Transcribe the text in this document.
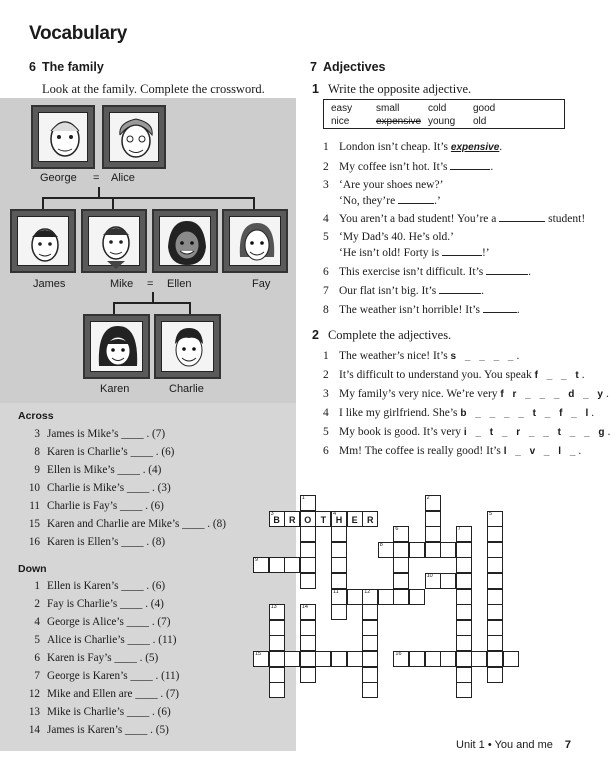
Vocabulary
6 The family
Look at the family. Complete the crossword.
George = Alice
James	Mike = Ellen	Fay
Karen	Charlie
Across
3 James is Mike’s ____ . (7)
8 Karen is Charlie’s ____ . (6)
9 Ellen is Mike’s ____ . (4)
10 Charlie is Mike’s ____ . (3)
11 Charlie is Fay’s ____ . (6)
15 Karen and Charlie are Mike’s ____ . (8)
16 Karen is Ellen’s ____ . (8)
Down
1 Ellen is Karen’s ____ . (6)
2 Fay is Charlie’s ____ . (4)
4 George is Alice’s ____ . (7)
5 Alice is Charlie’s ____ . (11)
6 Karen is Fay’s ____ . (5)
7 George is Karen’s ____ . (11)
12 Mike and Ellen are ____ . (7)
13 Mike is Charlie’s ____ . (6)
14 James is Karen’s ____ . (5)
7 Adjectives
1 Write the opposite adjective.
easy small	cold	good
nice	expensive young old
1 London isn’t cheap. It’s expensive.
2 My coffee isn’t hot. It’s	.
3 ‘Are your shoes new?’
‘No, they’re	.’
4 You aren’t a bad student! You’re a	student!
5 ‘My Dad’s 40. He’s old.’
‘He isn’t old! Forty is	!’
6 This exercise isn’t difficult. It’s	.
7 Our flat isn’t big. It’s	.
8 The weather isn’t horrible! It’s	.
2 Complete the adjectives.
1 The weather’s nice! It’s s _ _ _ _.
2 It’s difficult to understand you. You speak f _ _ t.
3 My family’s very nice. We’re very f r _ _ _ d _ y.
4 I like my girlfriend. She’s b _ _ _ _ t _ f _ l.
5 My book is good. It’s very i _ t _ r _ _ t _ _ g
6 Mm! The coffee is really good! It’s l _ v _ l _.
3
B	R O	T
4
H	E	R
8
9
10
11	12
15	16
1	2
5
6	7
13	14
Unit 1 • You and me 7
